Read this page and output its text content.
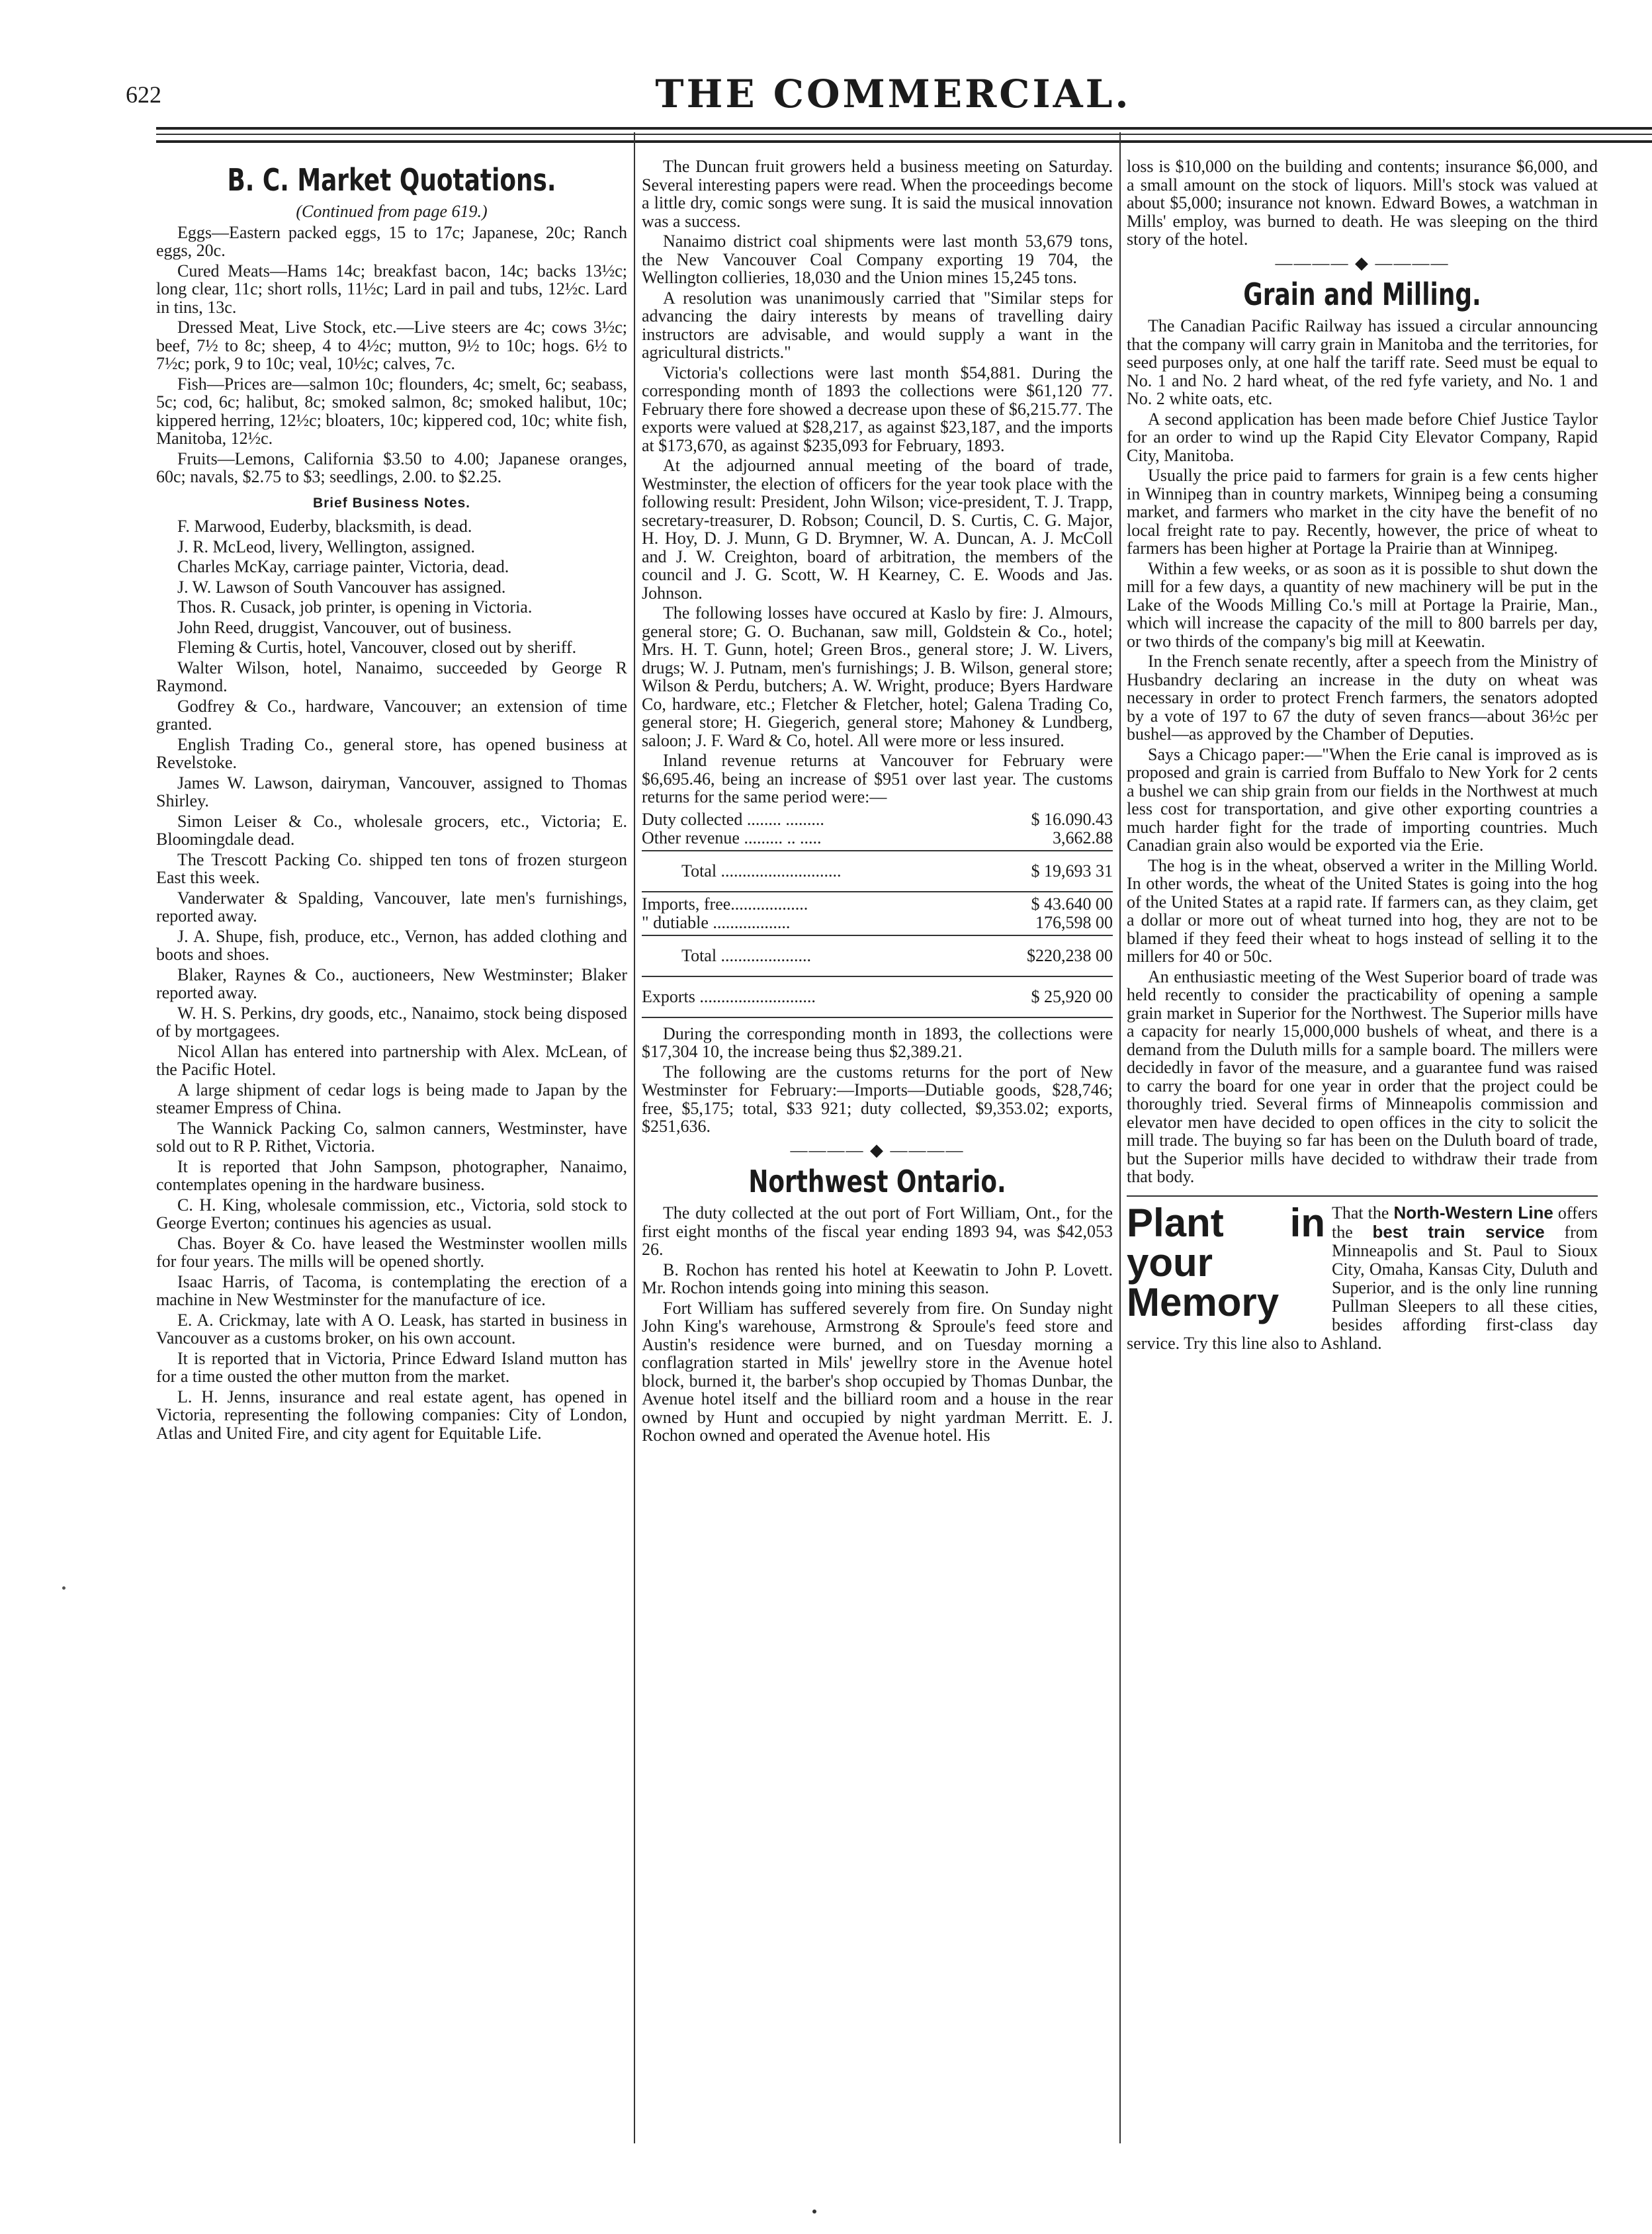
622	THE COMMERCIAL.
B. C. Market Quotations.
(Continued from page 619.)

Eggs—Eastern packed eggs, 15 to 17c; Japanese, 20c; Ranch eggs, 20c.

Cured Meats—Hams 14c; breakfast bacon, 14c; backs 13½c; long clear, 11c; short rolls, 11½c; Lard in pail and tubs, 12½c. Lard in tins, 13c.

Dressed Meat, Live Stock, etc.—Live steers are 4c; cows 3½c; beef, 7½ to 8c; sheep, 4 to 4½c; mutton, 9½ to 10c; hogs. 6½ to 7½c; pork, 9 to 10c; veal, 10½c; calves, 7c.

Fish—Prices are—salmon 10c; flounders, 4c; smelt, 6c; seabass, 5c; cod, 6c; halibut, 8c; smoked salmon, 8c; smoked halibut, 10c; kippered herring, 12½c; bloaters, 10c; kippered cod, 10c; white fish, Manitoba, 12½c.

Fruits—Lemons, California $3.50 to 4.00; Japanese oranges, 60c; navals, $2.75 to $3; seedlings, 2.00. to $2.25.

Brief Business Notes.

F. Marwood, Euderby, blacksmith, is dead.

J. R. McLeod, livery, Wellington, assigned.

Charles McKay, carriage painter, Victoria, dead.

J. W. Lawson of South Vancouver has assigned.

Thos. R. Cusack, job printer, is opening in Victoria.

John Reed, druggist, Vancouver, out of business.

Fleming & Curtis, hotel, Vancouver, closed out by sheriff.

Walter Wilson, hotel, Nanaimo, succeeded by George R Raymond.

Godfrey & Co., hardware, Vancouver; an extension of time granted.

English Trading Co., general store, has opened business at Revelstoke.

James W. Lawson, dairyman, Vancouver, assigned to Thomas Shirley.

Simon Leiser & Co., wholesale grocers, etc., Victoria; E. Bloomingdale dead.

The Trescott Packing Co. shipped ten tons of frozen sturgeon East this week.

Vanderwater & Spalding, Vancouver, late men's furnishings, reported away.

J. A. Shupe, fish, produce, etc., Vernon, has added clothing and boots and shoes.

Blaker, Raynes & Co., auctioneers, New Westminster; Blaker reported away.

W. H. S. Perkins, dry goods, etc., Nanaimo, stock being disposed of by mortgagees.

Nicol Allan has entered into partnership with Alex. McLean, of the Pacific Hotel.

A large shipment of cedar logs is being made to Japan by the steamer Empress of China.

The Wannick Packing Co, salmon canners, Westminster, have sold out to R P. Rithet, Victoria.

It is reported that John Sampson, photographer, Nanaimo, contemplates opening in the hardware business.

C. H. King, wholesale commission, etc., Victoria, sold stock to George Everton; continues his agencies as usual.

Chas. Boyer & Co. have leased the Westminster woollen mills for four years. The mills will be opened shortly.

Isaac Harris, of Tacoma, is contemplating the erection of a machine in New Westminster for the manufacture of ice.

E. A. Crickmay, late with A O. Leask, has started in business in Vancouver as a customs broker, on his own account.

It is reported that in Victoria, Prince Edward Island mutton has for a time ousted the other mutton from the market.

L. H. Jenns, insurance and real estate agent, has opened in Victoria, representing the following companies: City of London, Atlas and United Fire, and city agent for Equitable Life.

The Duncan fruit growers held a business meeting on Saturday. Several interesting papers were read. When the proceedings become a little dry, comic songs were sung. It is said the musical innovation was a success.

Nanaimo district coal shipments were last month 53,679 tons, the New Vancouver Coal Company exporting 19 704, the Wellington collieries, 18,030 and the Union mines 15,245 tons.

A resolution was unanimously carried that "Similar steps for advancing the dairy interests by means of travelling dairy instructors are advisable, and would supply a want in the agricultural districts."

Victoria's collections were last month $54,881. During the corresponding month of 1893 the collections were $61,120 77. February there fore showed a decrease upon these of $6,215.77. The exports were valued at $28,217, as against $23,187, and the imports at $173,670, as against $235,093 for February, 1893.

At the adjourned annual meeting of the board of trade, Westminster, the election of officers for the year took place with the following result: President, John Wilson; vice-president, T. J. Trapp, secretary-treasurer, D. Robson; Council, D. S. Curtis, C. G. Major, H. Hoy, D. J. Munn, G D. Brymner, W. A. Duncan, A. J. McColl and J. W. Creighton, board of arbitration, the members of the council and J. G. Scott, W. H Kearney, C. E. Woods and Jas. Johnson.

The following losses have occured at Kaslo by fire: J. Almours, general store; G. O. Buchanan, saw mill, Goldstein & Co., hotel; Mrs. H. T. Gunn, hotel; Green Bros., general store; J. W. Livers, drugs; W. J. Putnam, men's furnishings; J. B. Wilson, general store; Wilson & Perdu, butchers; A. W. Wright, produce; Byers Hardware Co, hardware, etc.; Fletcher & Fletcher, hotel; Galena Trading Co, general store; H. Giegerich, general store; Mahoney & Lundberg, saloon; J. F. Ward & Co, hotel. All were more or less insured.

Inland revenue returns at Vancouver for February were $6,695.46, being an increase of $951 over last year. The customs returns for the same period were:—

Duty collected ........ .........	$ 16.090.43
Other revenue ......... .. .....	3,662.88

Total ............................	$ 19,693 31

Imports, free..................	$ 43.640 00
" dutiable ..................	176,598 00

Total .....................	$220,238 00

Exports ...........................	$ 25,920 00

During the corresponding month in 1893, the collections were $17,304 10, the increase being thus $2,389.21.

The following are the customs returns for the port of New Westminster for February:—Imports—Dutiable goods, $28,746; free, $5,175; total, $33 921; duty collected, $9,353.02; exports, $251,636.

———— ◆ ————
Northwest Ontario.

The duty collected at the out port of Fort William, Ont., for the first eight months of the fiscal year ending 1893 94, was $42,053 26.

B. Rochon has rented his hotel at Keewatin to John P. Lovett. Mr. Rochon intends going into mining this season.

Fort William has suffered severely from fire. On Sunday night John King's warehouse, Armstrong & Sproule's feed store and Austin's residence were burned, and on Tuesday morning a conflagration started in Mils' jewellry store in the Avenue hotel block, burned it, the barber's shop occupied by Thomas Dunbar, the Avenue hotel itself and the billiard room and a house in the rear owned by Hunt and occupied by night yardman Merritt. E. J. Rochon owned and operated the Avenue hotel. His

loss is $10,000 on the building and contents; insurance $6,000, and a small amount on the stock of liquors. Mill's stock was valued at about $5,000; insurance not known. Edward Bowes, a watchman in Mills' employ, was burned to death. He was sleeping on the third story of the hotel.

———— ◆ ————
Grain and Milling.

The Canadian Pacific Railway has issued a circular announcing that the company will carry grain in Manitoba and the territories, for seed purposes only, at one half the tariff rate. Seed must be equal to No. 1 and No. 2 hard wheat, of the red fyfe variety, and No. 1 and No. 2 white oats, etc.

A second application has been made before Chief Justice Taylor for an order to wind up the Rapid City Elevator Company, Rapid City, Manitoba.

Usually the price paid to farmers for grain is a few cents higher in Winnipeg than in country markets, Winnipeg being a consuming market, and farmers who market in the city have the benefit of no local freight rate to pay. Recently, however, the price of wheat to farmers has been higher at Portage la Prairie than at Winnipeg.

Within a few weeks, or as soon as it is possible to shut down the mill for a few days, a quantity of new machinery will be put in the Lake of the Woods Milling Co.'s mill at Portage la Prairie, Man., which will increase the capacity of the mill to 800 barrels per day, or two thirds of the company's big mill at Keewatin.

In the French senate recently, after a speech from the Ministry of Husbandry declaring an increase in the duty on wheat was necessary in order to protect French farmers, the senators adopted by a vote of 197 to 67 the duty of seven francs—about 36½c per bushel—as approved by the Chamber of Deputies.

Says a Chicago paper:—"When the Erie canal is improved as is proposed and grain is carried from Buffalo to New York for 2 cents a bushel we can ship grain from our fields in the Northwest at much less cost for transportation, and give other exporting countries a much harder fight for the trade of importing countries. Much Canadian grain also would be exported via the Erie.

The hog is in the wheat, observed a writer in the Milling World. In other words, the wheat of the United States is going into the hog of the United States at a rapid rate. If farmers can, as they claim, get a dollar or more out of wheat turned into hog, they are not to be blamed if they feed their wheat to hogs instead of selling it to the millers for 40 or 50c.

An enthusiastic meeting of the West Superior board of trade was held recently to consider the practicability of opening a sample grain market in Superior for the Northwest. The Superior mills have a capacity for nearly 15,000,000 bushels of wheat, and there is a demand from the Duluth mills for a sample board. The millers were decidedly in favor of the measure, and a guarantee fund was raised to carry the board for one year in order that the project could be thoroughly tried. Several firms of Minneapolis commission and elevator men have decided to open offices in the city to solicit the mill trade. The buying so far has been on the Duluth board of trade, but the Superior mills have decided to withdraw their trade from that body.

Plant in your Memory
That the North-Western Line offers the best train service from Minneapolis and St. Paul to Sioux City, Omaha, Kansas City, Duluth and Superior, and is the only line running Pullman Sleepers to all these cities, besides affording first-class day service. Try this line also to Ashland.
